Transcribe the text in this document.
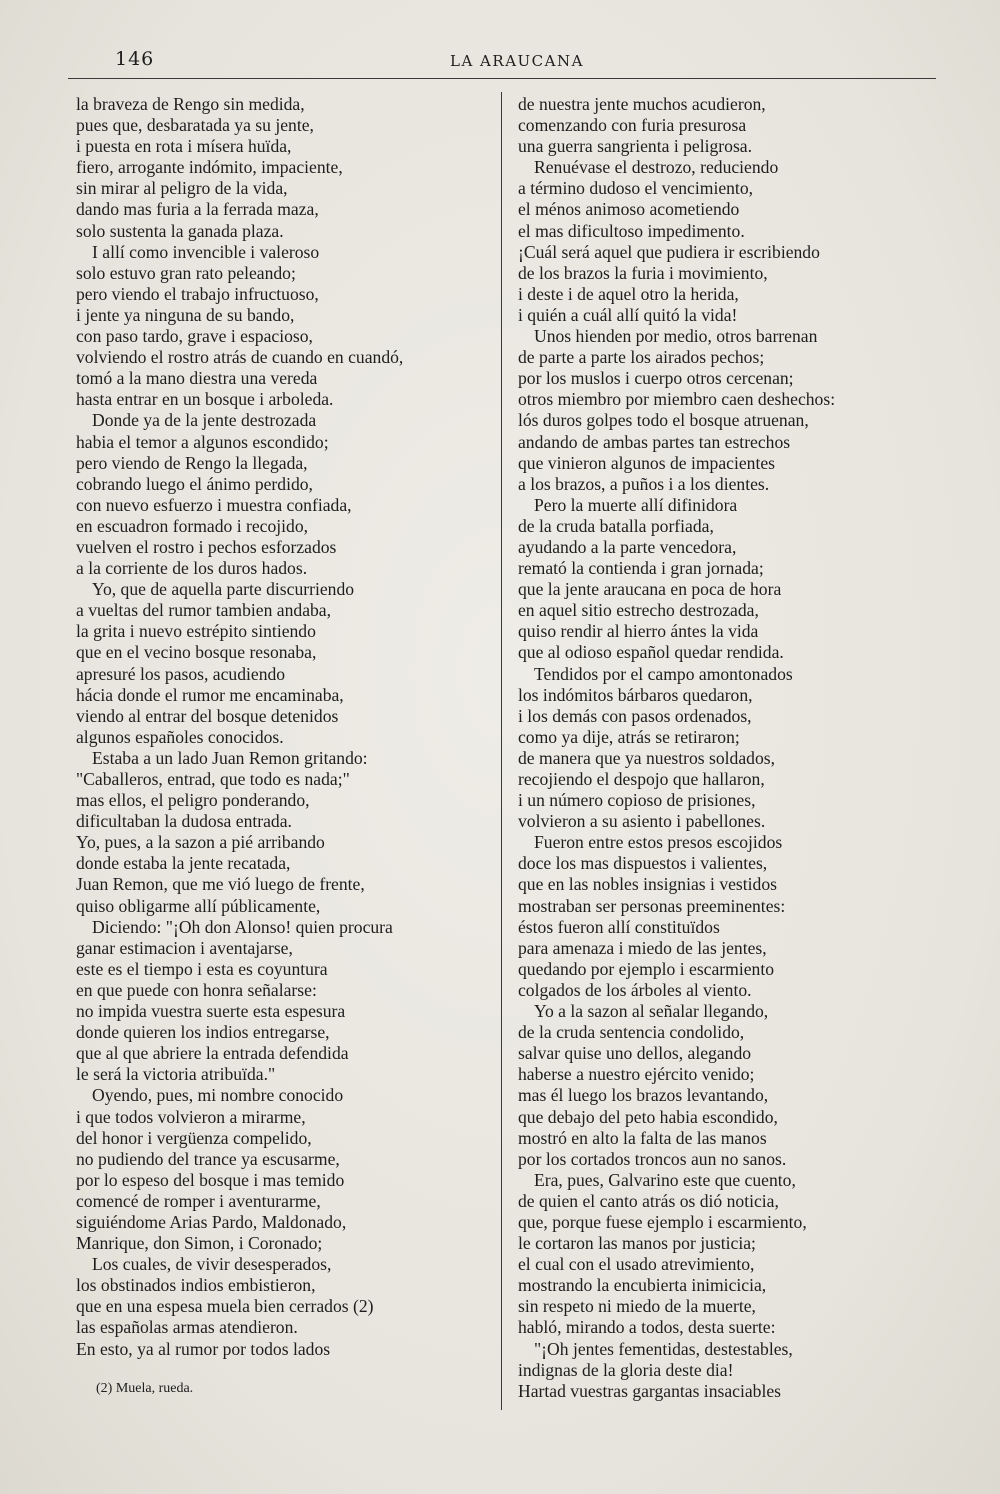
146	LA ARAUCANA
la braveza de Rengo sin medida,
pues que, desbaratada ya su jente,
i puesta en rota i mísera huïda,
fiero, arrogante indómito, impaciente,
sin mirar al peligro de la vida,
dando mas furia a la ferrada maza,
solo sustenta la ganada plaza.
I allí como invencible i valeroso
solo estuvo gran rato peleando;
pero viendo el trabajo infructuoso,
i jente ya ninguna de su bando,
con paso tardo, grave i espacioso,
volviendo el rostro atrás de cuando en cuandó,
tomó a la mano diestra una vereda
hasta entrar en un bosque i arboleda.
Donde ya de la jente destrozada
habia el temor a algunos escondido;
pero viendo de Rengo la llegada,
cobrando luego el ánimo perdido,
con nuevo esfuerzo i muestra confiada,
en escuadron formado i recojido,
vuelven el rostro i pechos esforzados
a la corriente de los duros hados.
Yo, que de aquella parte discurriendo
a vueltas del rumor tambien andaba,
la grita i nuevo estrépito sintiendo
que en el vecino bosque resonaba,
apresuré los pasos, acudiendo
hácia donde el rumor me encaminaba,
viendo al entrar del bosque detenidos
algunos españoles conocidos.
Estaba a un lado Juan Remon gritando:
"Caballeros, entrad, que todo es nada;"
mas ellos, el peligro ponderando,
dificultaban la dudosa entrada.
Yo, pues, a la sazon a pié arribando
donde estaba la jente recatada,
Juan Remon, que me vió luego de frente,
quiso obligarme allí públicamente,
Diciendo: "¡Oh don Alonso! quien procura
ganar estimacion i aventajarse,
este es el tiempo i esta es coyuntura
en que puede con honra señalarse:
no impida vuestra suerte esta espesura
donde quieren los indios entregarse,
que al que abriere la entrada defendida
le será la victoria atribuïda."
Oyendo, pues, mi nombre conocido
i que todos volvieron a mirarme,
del honor i vergüenza compelido,
no pudiendo del trance ya escusarme,
por lo espeso del bosque i mas temido
comencé de romper i aventurarme,
siguiéndome Arias Pardo, Maldonado,
Manrique, don Simon, i Coronado;
Los cuales, de vivir desesperados,
los obstinados indios embistieron,
que en una espesa muela bien cerrados (2)
las españolas armas atendieron.
En esto, ya al rumor por todos lados
de nuestra jente muchos acudieron,
comenzando con furia presurosa
una guerra sangrienta i peligrosa.
Renuévase el destrozo, reduciendo
a término dudoso el vencimiento,
el ménos animoso acometiendo
el mas dificultoso impedimento.
¡Cuál será aquel que pudiera ir escribiendo
de los brazos la furia i movimiento,
i deste i de aquel otro la herida,
i quién a cuál allí quitó la vida!
Unos hienden por medio, otros barrenan
de parte a parte los airados pechos;
por los muslos i cuerpo otros cercenan;
otros miembro por miembro caen deshechos:
lós duros golpes todo el bosque atruenan,
andando de ambas partes tan estrechos
que vinieron algunos de impacientes
a los brazos, a puños i a los dientes.
Pero la muerte allí difinidora
de la cruda batalla porfiada,
ayudando a la parte vencedora,
remató la contienda i gran jornada;
que la jente araucana en poca de hora
en aquel sitio estrecho destrozada,
quiso rendir al hierro ántes la vida
que al odioso español quedar rendida.
Tendidos por el campo amontonados
los indómitos bárbaros quedaron,
i los demás con pasos ordenados,
como ya dije, atrás se retiraron;
de manera que ya nuestros soldados,
recojiendo el despojo que hallaron,
i un número copioso de prisiones,
volvieron a su asiento i pabellones.
Fueron entre estos presos escojidos
doce los mas dispuestos i valientes,
que en las nobles insignias i vestidos
mostraban ser personas preeminentes:
éstos fueron allí constituïdos
para amenaza i miedo de las jentes,
quedando por ejemplo i escarmiento
colgados de los árboles al viento.
Yo a la sazon al señalar llegando,
de la cruda sentencia condolido,
salvar quise uno dellos, alegando
haberse a nuestro ejército venido;
mas él luego los brazos levantando,
que debajo del peto habia escondido,
mostró en alto la falta de las manos
por los cortados troncos aun no sanos.
Era, pues, Galvarino este que cuento,
de quien el canto atrás os dió noticia,
que, porque fuese ejemplo i escarmiento,
le cortaron las manos por justicia;
el cual con el usado atrevimiento,
mostrando la encubierta inimicicia,
sin respeto ni miedo de la muerte,
habló, mirando a todos, desta suerte:
"¡Oh jentes fementidas, destestables,
indignas de la gloria deste dia!
Hartad vuestras gargantas insaciables
(2) Muela, rueda.
